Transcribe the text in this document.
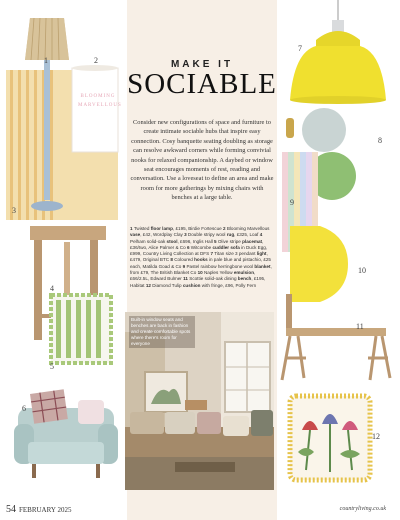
MAKE IT
SOCIABLE
Consider new configurations of space and furniture to create intimate sociable hubs that inspire easy connection. Cosy banquette seating doubling as storage can resolve awkward corners while forming convivial nooks for relaxed companionship. A daybed or window seat encourages moments of rest, reading and conversation. Use a loveseat to define an area and make room for more gatherings by mixing chairs with benches at a large table.
1 Twisted floor lamp, £195, Birdie Fortescue 2 Blooming Marvellous vase, £42, Wordplay Clay 3 Double stripy wool rug, £325, Loaf 4 Pelham solid-oak stool, £696, Inglis Hall 5 Olive stripe placemat, £36/two, Alice Palmer & Co 6 Witcombe cuddler sofa in Duck Egg, £999, Country Living Collection at DFS 7 Titan size 3 pendant light, £479, Original BTC 8 Coloured hooks in pale blue and pistachio, £25 each, Matilda Goad & Co 9 Pastel rainbow herringbone wool blanket, from £79, The British Blanket Co 10 Naples Yellow emulsion, £66/2.5L, Edward Bulmer 11 Scottie solid-oak dining bench, £195, Habitat 12 Diamond Tulip cushion with fringe, £96, Polly Fern
Built-in window seats and benches are back in fashion and create comfortable spots where there's room for everyone
BLOOMING MARVELLOUS
1	2
3
4
5
6
7
8
9
10
11
12
54 FEBRUARY 2025	countryliving.co.uk
